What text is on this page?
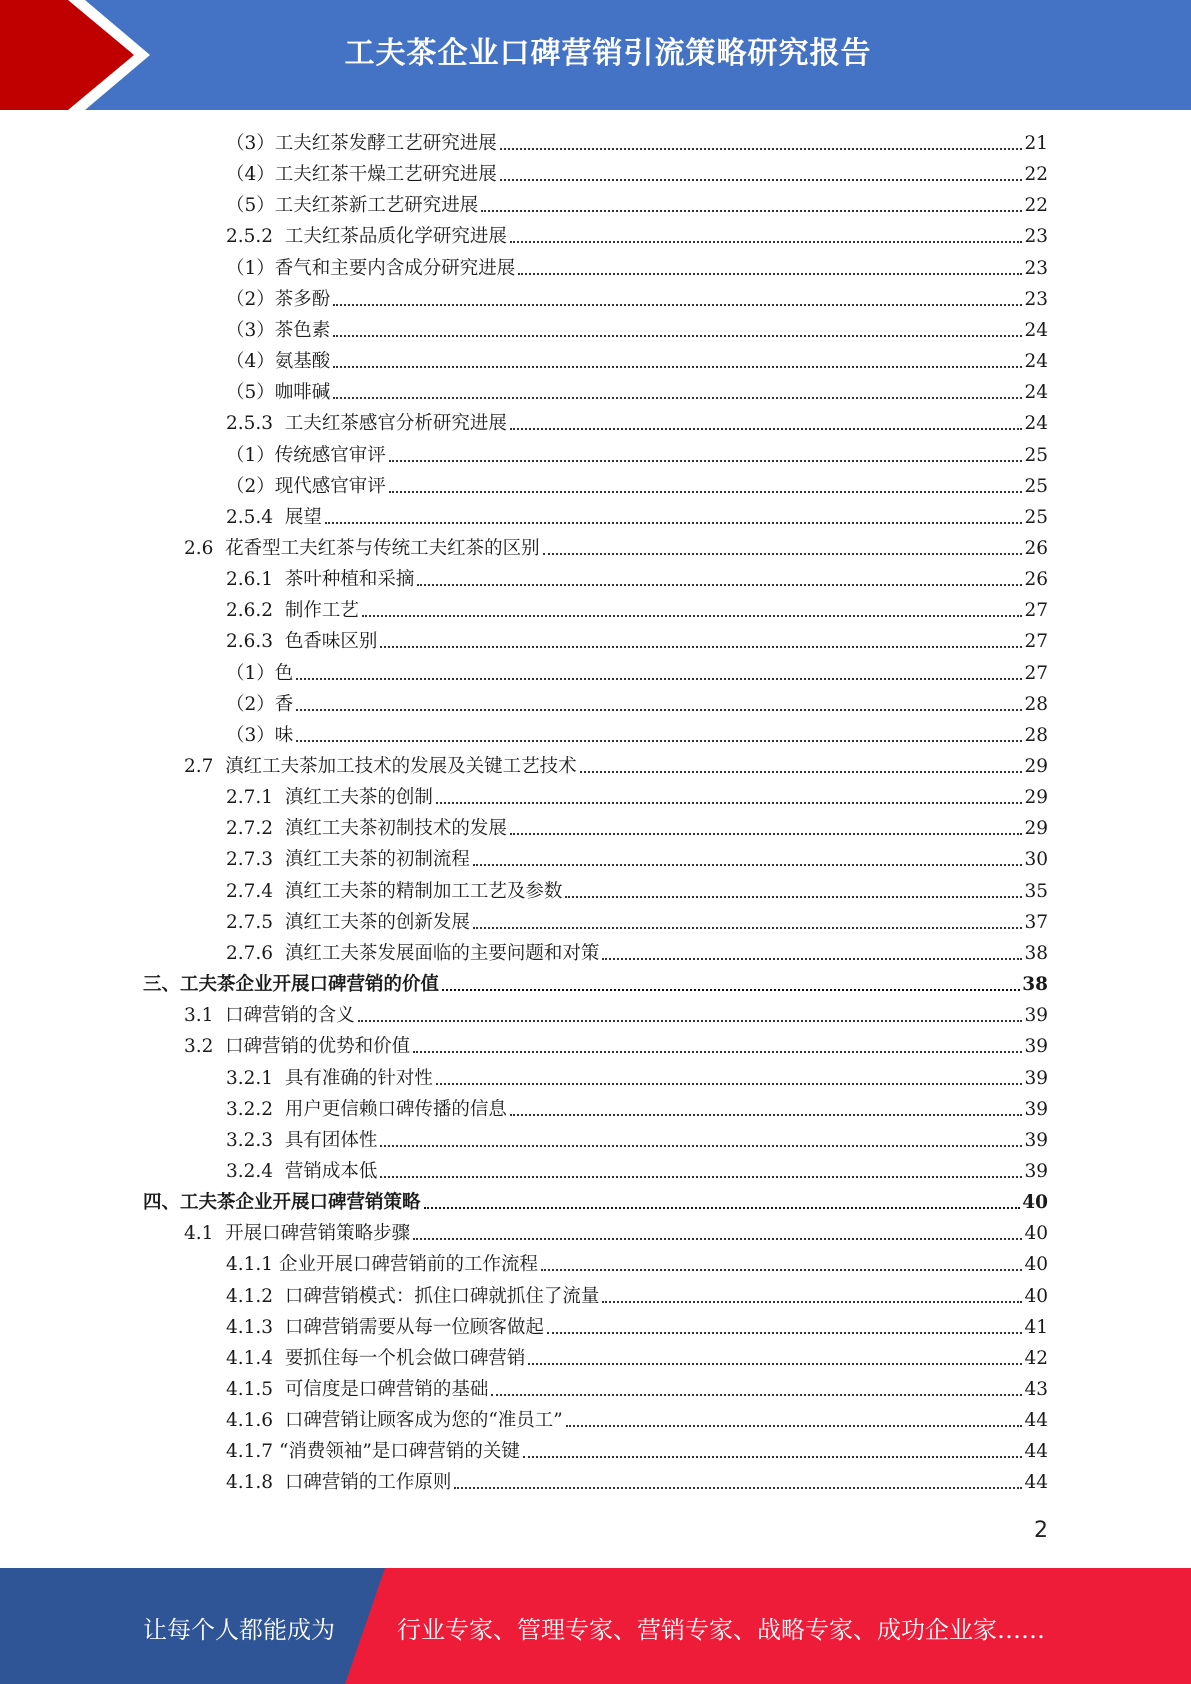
工夫茶企业口碑营销引流策略研究报告
（3）工夫红茶发酵工艺研究进展	21
（4）工夫红茶干燥工艺研究进展	22
（5）工夫红茶新工艺研究进展	22
2.5.2  工夫红茶品质化学研究进展	23
（1）香气和主要内含成分研究进展	23
（2）茶多酚	23
（3）茶色素	24
（4）氨基酸	24
（5）咖啡碱	24
2.5.3  工夫红茶感官分析研究进展	24
（1）传统感官审评	25
（2）现代感官审评	25
2.5.4  展望	25
2.6  花香型工夫红茶与传统工夫红茶的区别	26
2.6.1  茶叶种植和采摘	26
2.6.2  制作工艺	27
2.6.3  色香味区别	27
（1）色	27
（2）香	28
（3）味	28
2.7  滇红工夫茶加工技术的发展及关键工艺技术	29
2.7.1  滇红工夫茶的创制	29
2.7.2  滇红工夫茶初制技术的发展	29
2.7.3  滇红工夫茶的初制流程	30
2.7.4  滇红工夫茶的精制加工工艺及参数	35
2.7.5  滇红工夫茶的创新发展	37
2.7.6  滇红工夫茶发展面临的主要问题和对策	38
三、工夫茶企业开展口碑营销的价值	38
3.1  口碑营销的含义	39
3.2  口碑营销的优势和价值	39
3.2.1  具有准确的针对性	39
3.2.2  用户更信赖口碑传播的信息	39
3.2.3  具有团体性	39
3.2.4  营销成本低	39
四、工夫茶企业开展口碑营销策略	40
4.1  开展口碑营销策略步骤	40
4.1.1 企业开展口碑营销前的工作流程	40
4.1.2  口碑营销模式：抓住口碑就抓住了流量	40
4.1.3  口碑营销需要从每一位顾客做起	41
4.1.4  要抓住每一个机会做口碑营销	42
4.1.5  可信度是口碑营销的基础	43
4.1.6  口碑营销让顾客成为您的“准员工”	44
4.1.7 “消费领袖”是口碑营销的关键	44
4.1.8  口碑营销的工作原则	44
2
让每个人都能成为	行业专家、管理专家、营销专家、战略专家、成功企业家……
